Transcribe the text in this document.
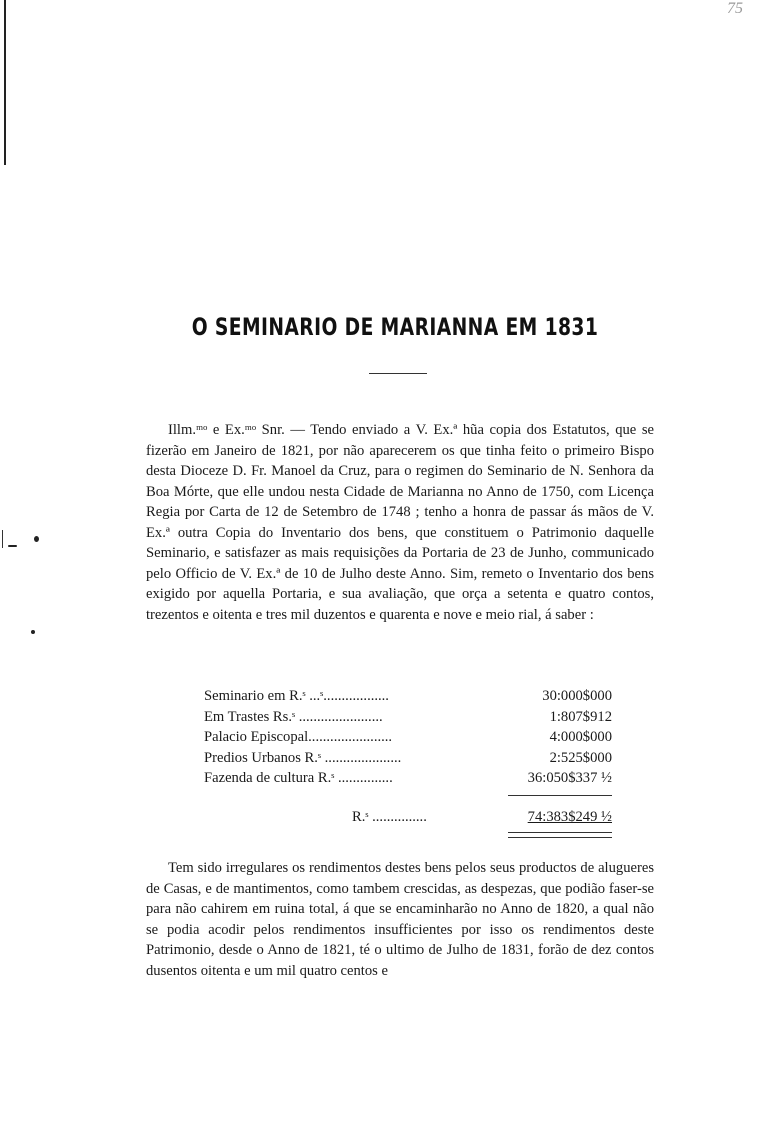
75
O SEMINARIO DE MARIANNA EM 1831
Illm.ᵐᵒ e Ex.ᵐᵒ Snr. — Tendo enviado a V. Ex.ª hũa copia dos Estatutos, que se fizerão em Janeiro de 1821, por não aparecerem os que tinha feito o primeiro Bispo desta Dioceze D. Fr. Manoel da Cruz, para o regimen do Seminario de N. Senhora da Boa Mórte, que elle undou nesta Cidade de Marianna no Anno de 1750, com Licença Regia por Carta de 12 de Setembro de 1748 ; tenho a honra de passar ás mãos de V. Ex.ª outra Copia do Inventario dos bens, que constituem o Patrimonio daquelle Seminario, e satisfazer as mais requisições da Portaria de 23 de Junho, communicado pelo Officio de V. Ex.ª de 10 de Julho deste Anno. Sim, remeto o Inventario dos bens exigido por aquella Portaria, e sua avaliação, que orça a setenta e quatro contos, trezentos e oitenta e tres mil duzentos e quarenta e nove e meio rial, á saber :
Seminario em R.ˢ ...ˢ..................	30:000$000
Em Trastes Rs.ˢ .......................	1:807$912
Palacio Episcopal.......................	4:000$000
Predios Urbanos R.ˢ .....................	2:525$000
Fazenda de cultura R.ˢ ...............	36:050$337 ½
R.ˢ ...............	74:383$249 ½
Tem sido irregulares os rendimentos destes bens pelos seus productos de alugueres de Casas, e de mantimentos, como tambem crescidas, as despezas, que podião faser-se para não cahirem em ruina total, á que se encaminharão no Anno de 1820, a qual não se podia acodir pelos rendimentos insufficientes por isso os rendimentos deste Patrimonio, desde o Anno de 1821, té o ultimo de Julho de 1831, forão de dez contos dusentos oitenta e um mil quatro centos e
